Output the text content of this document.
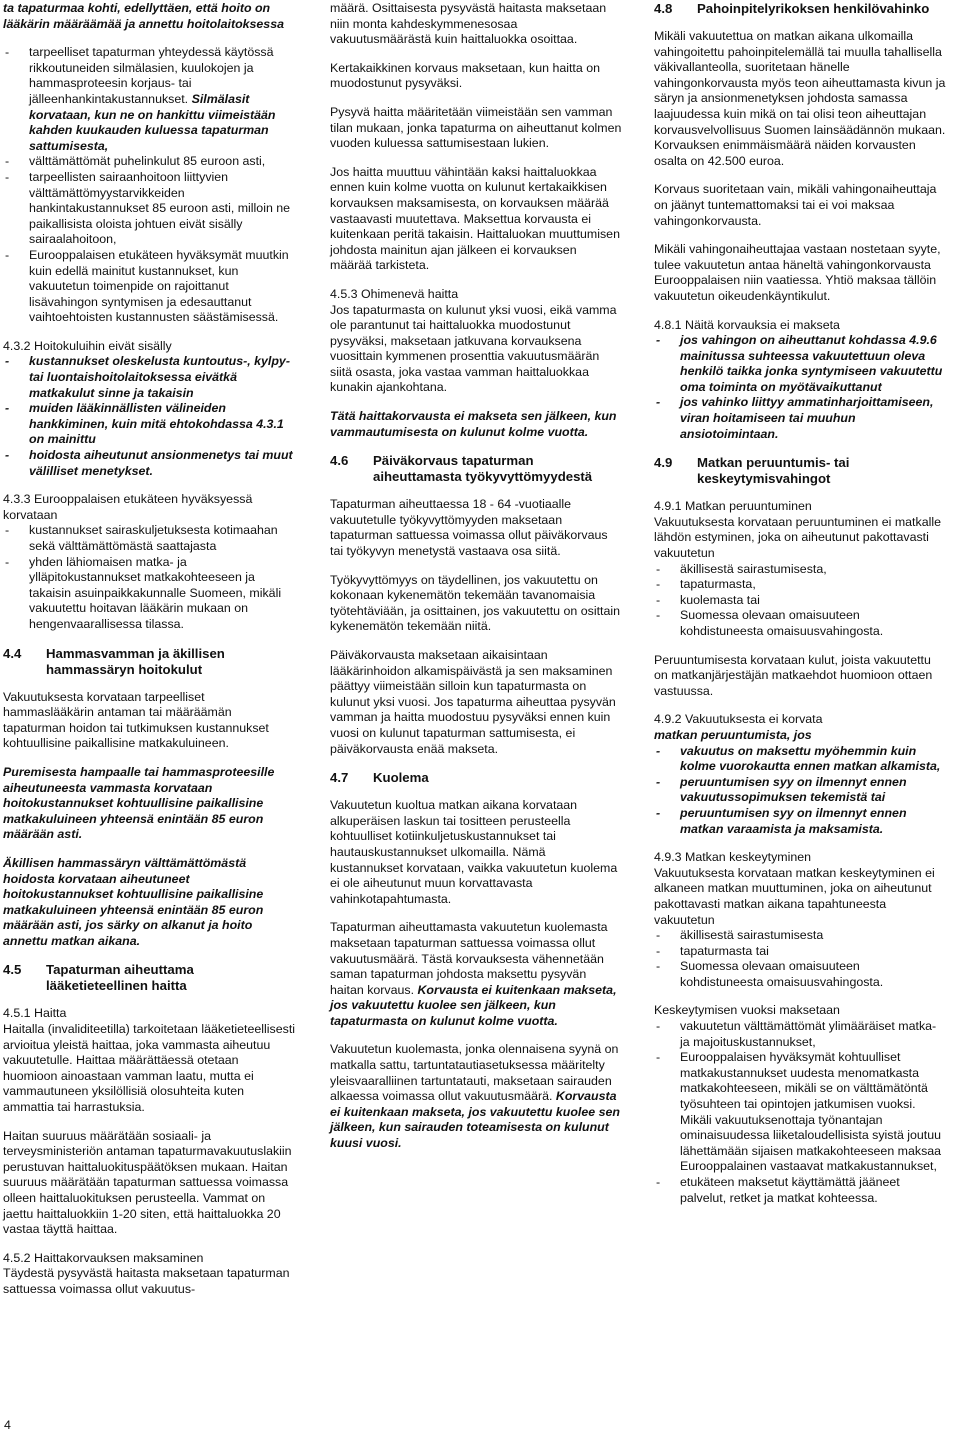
ta tapaturmaa kohti, edellyttäen, että hoito on lääkärin määräämää ja annettu hoitolaitoksessa
- tarpeelliset tapaturman yhteydessä käytössä rikkoutuneiden silmälasien, kuulokojen ja hammasproteesin korjaus- tai jälleenhankintakustannukset. Silmälasit korvataan, kun ne on hankittu viimeistään kahden kuukauden kuluessa tapaturman sattumisesta,
- välttämättömät puhelinkulut 85 euroon asti,
- tarpeellisten sairaanhoitoon liittyvien välttämättömyystarvikkeiden hankintakustannukset 85 euroon asti, milloin ne paikallisista oloista johtuen eivät sisälly sairaalahoitoon,
- Eurooppalaisen etukäteen hyväksymät muutkin kuin edellä mainitut kustannukset, kun vakuutetun toimenpide on rajoittanut lisävahingon syntymisen ja edesauttanut vaihtoehtoisten kustannusten säästämisessä.
4.3.2 Hoitokuluihin eivät sisälly
- kustannukset oleskelusta kuntoutus-, kylpy- tai luontaishoitolaitoksessa eivätkä matkakulut sinne ja takaisin
- muiden lääkinnällisten välineiden hankkiminen, kuin mitä ehtokohdassa 4.3.1 on mainittu
- hoidosta aiheutunut ansionmenetys tai muut välilliset menetykset.
4.3.3 Eurooppalaisen etukäteen hyväksyessä korvataan
- kustannukset sairaskuljetuksesta kotimaahan sekä välttämättömästä saattajasta
- yhden lähiomaisen matka- ja ylläpitokustannukset matkakohteeseen ja takaisin asuinpaikkakunnalle Suomeen, mikäli vakuutettu hoitavan lääkärin mukaan on hengenvaarallisessa tilassa.
4.4	Hammasvamman ja äkillisen hammassäryn hoitokulut
Vakuutuksesta korvataan tarpeelliset hammaslääkärin antaman tai määräämän tapaturman hoidon tai tutkimuksen kustannukset kohtuullisine paikallisine matkakuluineen.
Puremisesta hampaalle tai hammasproteesille aiheutuneesta vammasta korvataan hoitokustannukset kohtuullisine paikallisine matkakuluineen yhteensä enintään 85 euron määrään asti.
Äkillisen hammassäryn välttämättömästä hoidosta korvataan aiheutuneet hoitokustannukset kohtuullisine paikallisine matkakuluineen yhteensä enintään 85 euron määrään asti, jos särky on alkanut ja hoito annettu matkan aikana.
4.5	Tapaturman aiheuttama lääketieteellinen haitta
4.5.1 Haitta
Haitalla (invaliditeetilla) tarkoitetaan lääketieteellisesti arvioitua yleistä haittaa, joka vammasta aiheutuu vakuutetulle. Haittaa määrättäessä otetaan huomioon ainoastaan vamman laatu, mutta ei vammautuneen yksilöllisiä olosuhteita kuten ammattia tai harrastuksia.
Haitan suuruus määrätään sosiaali- ja terveysministeriön antaman tapaturmavakuutuslakiin perustuvan haittaluokituspäätöksen mukaan. Haitan suuruus määrätään tapaturman sattuessa voimassa olleen haittaluokituksen perusteella. Vammat on jaettu haittaluokkiin 1-20 siten, että haittaluokka 20 vastaa täyttä haittaa.
4.5.2 Haittakorvauksen maksaminen
Täydestä pysyvästä haitasta maksetaan tapaturman sattuessa voimassa ollut vakuutus-
määrä. Osittaisesta pysyvästä haitasta maksetaan niin monta kahdeskymmenesosaa vakuutusmäärästä kuin haittaluokka osoittaa.
Kertakaikkinen korvaus maksetaan, kun haitta on muodostunut pysyväksi.
Pysyvä haitta määritetään viimeistään sen vamman tilan mukaan, jonka tapaturma on aiheuttanut kolmen vuoden kuluessa sattumisestaan lukien.
Jos haitta muuttuu vähintään kaksi haittaluokkaa ennen kuin kolme vuotta on kulunut kertakaikkisen korvauksen maksamisesta, on korvauksen määrää vastaavasti muutettava. Maksettua korvausta ei kuitenkaan peritä takaisin. Haittaluokan muuttumisen johdosta mainitun ajan jälkeen ei korvauksen määrää tarkisteta.
4.5.3 Ohimenevä haitta
Jos tapaturmasta on kulunut yksi vuosi, eikä vamma ole parantunut tai haittaluokka muodostunut pysyväksi, maksetaan jatkuvana korvauksena vuosittain kymmenen prosenttia vakuutusmäärän siitä osasta, joka vastaa vamman haittaluokkaa kunakin ajankohtana.
Tätä haittakorvausta ei makseta sen jälkeen, kun vammautumisesta on kulunut kolme vuotta.
4.6	Päiväkorvaus tapaturman aiheuttamasta työkyvyttömyydestä
Tapaturman aiheuttaessa 18 - 64 -vuotiaalle vakuutetulle työkyvyttömyyden maksetaan tapaturman sattuessa voimassa ollut päiväkorvaus tai työkyvyn menetystä vastaava osa siitä.
Työkyvyttömyys on täydellinen, jos vakuutettu on kokonaan kykenemätön tekemään tavanomaisia työtehtäviään, ja osittainen, jos vakuutettu on osittain kykenemätön tekemään niitä.
Päiväkorvausta maksetaan aikaisintaan lääkärinhoidon alkamispäivästä ja sen maksaminen päättyy viimeistään silloin kun tapaturmasta on kulunut yksi vuosi. Jos tapaturma aiheuttaa pysyvän vamman ja haitta muodostuu pysyväksi ennen kuin vuosi on kulunut tapaturman sattumisesta, ei päiväkorvausta enää makseta.
4.7	Kuolema
Vakuutetun kuoltua matkan aikana korvataan alkuperäisen laskun tai tositteen perusteella kohtuulliset kotiinkuljetuskustannukset tai hautauskustannukset ulkomailla. Nämä kustannukset korvataan, vaikka vakuutetun kuolema ei ole aiheutunut muun korvattavasta vahinkotapahtumasta.
Tapaturman aiheuttamasta vakuutetun kuolemasta maksetaan tapaturman sattuessa voimassa ollut vakuutusmäärä. Tästä korvauksesta vähennetään saman tapaturman johdosta maksettu pysyvän haitan korvaus. Korvausta ei kuitenkaan makseta, jos vakuutettu kuolee sen jälkeen, kun tapaturmasta on kulunut kolme vuotta.
Vakuutetun kuolemasta, jonka olennaisena syynä on matkalla sattu, tartuntatautiasetuksessa määritelty yleisvaaralliinen tartuntatauti, maksetaan sairauden alkaessa voimassa ollut vakuutusmäärä. Korvausta ei kuitenkaan makseta, jos vakuutettu kuolee sen jälkeen, kun sairauden toteamisesta on kulunut kuusi vuosi.
4.8	Pahoinpitelyrikoksen henkilövahinko
Mikäli vakuutettua on matkan aikana ulkomailla vahingoitettu pahoinpitelemällä tai muulla tahallisella väkivallanteolla, suoritetaan hänelle vahingonkorvausta myös teon aiheuttamasta kivun ja säryn ja ansionmenetyksen johdosta samassa laajuudessa kuin mikä on tai olisi teon aiheuttajan korvausvelvollisuus Suomen lainsäädännön mukaan. Korvauksen enimmäismäärä näiden korvausten osalta on 42.500 euroa.
Korvaus suoritetaan vain, mikäli vahingonaiheuttaja on jäänyt tuntemattomaksi tai ei voi maksaa vahingonkorvausta.
Mikäli vahingonaiheuttajaa vastaan nostetaan syyte, tulee vakuutetun antaa häneltä vahingonkorvausta Eurooppalaisen niin vaatiessa. Yhtiö maksaa tällöin vakuutetun oikeudenkäyntikulut.
4.8.1 Näitä korvauksia ei makseta
- jos vahingon on aiheuttanut kohdassa 4.9.6 mainitussa suhteessa vakuutettuun oleva henkilö taikka jonka syntymiseen vakuutettu oma toiminta on myötävaikuttanut
- jos vahinko liittyy ammatinharjoittamiseen, viran hoitamiseen tai muuhun ansiotoimintaan.
4.9	Matkan peruuntumis- tai keskeytymisvahingot
4.9.1 Matkan peruuntuminen
Vakuutuksesta korvataan peruuntuminen ei matkalle lähdön estyminen, joka on aiheutunut pakottavasti vakuutetun
- äkillisestä sairastumisesta,
- tapaturmasta,
- kuolemasta tai
- Suomessa olevaan omaisuuteen kohdistuneesta omaisuusvahingosta.
Peruuntumisesta korvataan kulut, joista vakuutettu on matkanjärjestäjän matkaehdot huomioon ottaen vastuussa.
4.9.2 Vakuutuksesta ei korvata
matkan peruuntumista, jos
- vakuutus on maksettu myöhemmin kuin kolme vuorokautta ennen matkan alkamista,
- peruuntumisen syy on ilmennyt ennen vakuutussopimuksen tekemistä tai
- peruuntumisen syy on ilmennyt ennen matkan varaamista ja maksamista.
4.9.3 Matkan keskeytyminen
Vakuutuksesta korvataan matkan keskeytyminen ei alkaneen matkan muuttuminen, joka on aiheutunut pakottavasti matkan aikana tapahtuneesta vakuutetun
- äkillisestä sairastumisesta
- tapaturmasta tai
- Suomessa olevaan omaisuuteen kohdistuneesta omaisuusvahingosta.
Keskeytymisen vuoksi maksetaan
- vakuutetun välttämättömät ylimääräiset matka- ja majoituskustannukset,
- Eurooppalaisen hyväksymät kohtuulliset matkakustannukset uudesta menomatkasta matkakohteeseen, mikäli se on välttämätöntä työsuhteen tai opintojen jatkumisen vuoksi. Mikäli vakuutuksenottaja työnantajan ominaisuudessa liiketaloudellisista syistä joutuu lähettämään sijaisen matkakohteeseen maksaa Eurooppalainen vastaavat matkakustannukset,
- etukäteen maksetut käyttämättä jääneet palvelut, retket ja matkat kohteessa.
4
